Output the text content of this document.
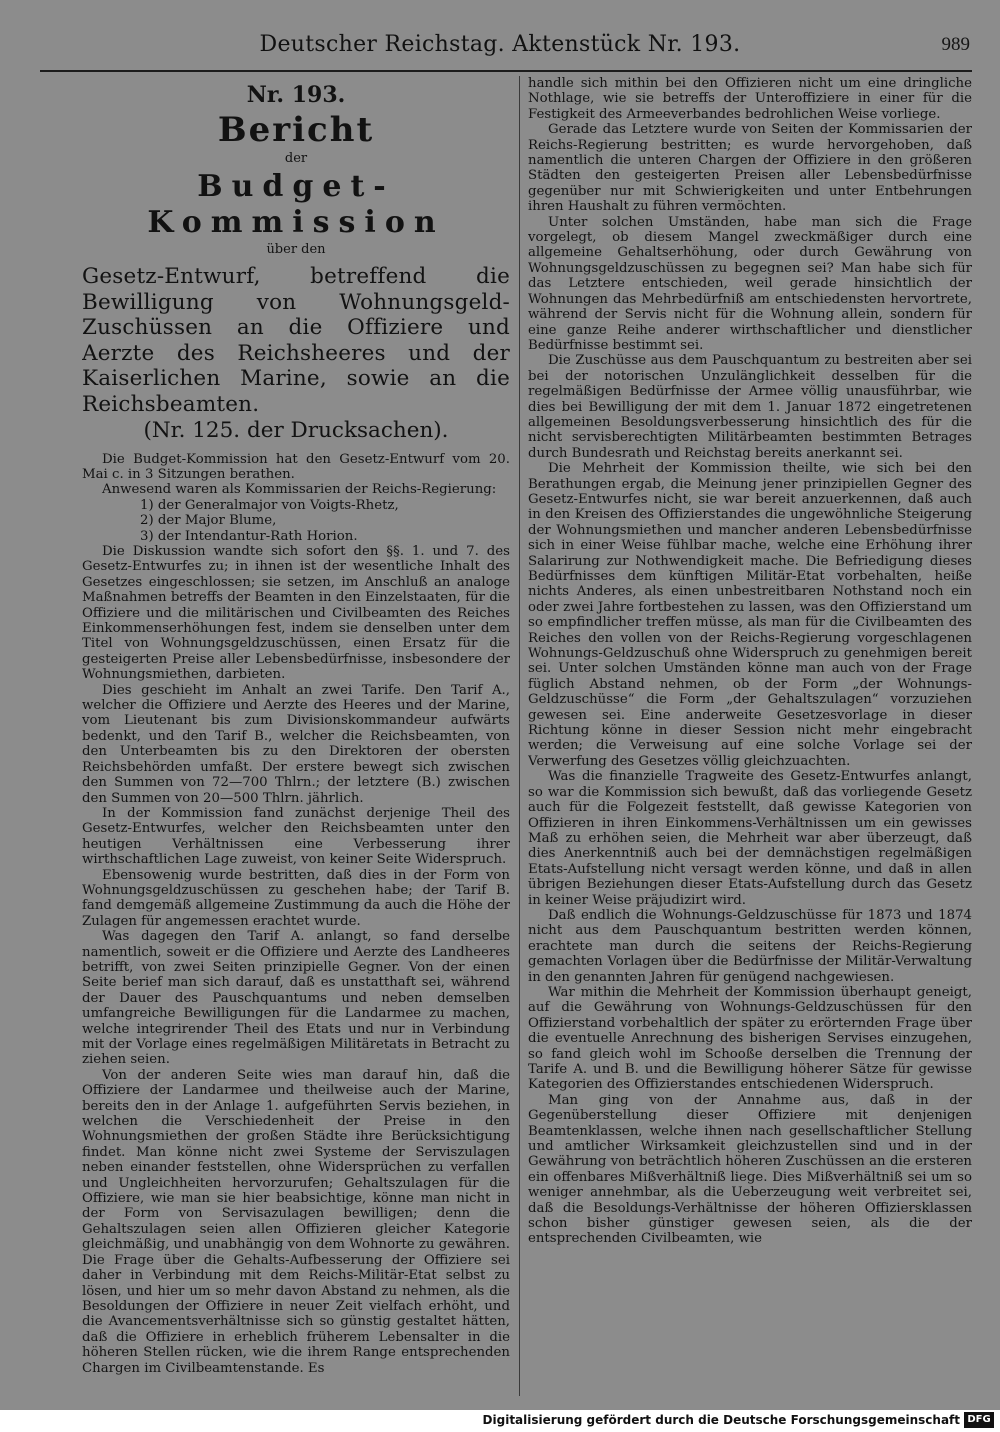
Deutscher Reichstag. Aktenstück Nr. 193.	989
Nr. 193.
Bericht
der
Budget-Kommission
über den
Gesetz-Entwurf, betreffend die Bewilligung von Wohnungsgeld-Zuschüssen an die Offiziere und Aerzte des Reichsheeres und der Kaiserlichen Marine, sowie an die Reichsbeamten.
(Nr. 125. der Drucksachen).

Die Budget-Kommission hat den Gesetz-Entwurf vom 20. Mai c. in 3 Sitzungen berathen.

Anwesend waren als Kommissarien der Reichs-Regierung:

1) der Generalmajor von Voigts-Rhetz,
2) der Major Blume,
3) der Intendantur-Rath Horion.

Die Diskussion wandte sich sofort den §§. 1. und 7. des Gesetz-Entwurfes zu; in ihnen ist der wesentliche Inhalt des Gesetzes eingeschlossen; sie setzen, im Anschluß an analoge Maßnahmen betreffs der Beamten in den Einzelstaaten, für die Offiziere und die militärischen und Civilbeamten des Reiches Einkommenserhöhungen fest, indem sie denselben unter dem Titel von Wohnungsgeldzuschüssen, einen Ersatz für die gesteigerten Preise aller Lebensbedürfnisse, insbesondere der Wohnungsmiethen, darbieten.

Dies geschieht im Anhalt an zwei Tarife. Den Tarif A., welcher die Offiziere und Aerzte des Heeres und der Marine, vom Lieutenant bis zum Divisionskommandeur aufwärts bedenkt, und den Tarif B., welcher die Reichsbeamten, von den Unterbeamten bis zu den Direktoren der obersten Reichsbehörden umfaßt. Der erstere bewegt sich zwischen den Summen von 72—700 Thlrn.; der letztere (B.) zwischen den Summen von 20—500 Thlrn. jährlich.

In der Kommission fand zunächst derjenige Theil des Gesetz-Entwurfes, welcher den Reichsbeamten unter den heutigen Verhältnissen eine Verbesserung ihrer wirthschaftlichen Lage zuweist, von keiner Seite Widerspruch.

Ebensowenig wurde bestritten, daß dies in der Form von Wohnungsgeldzuschüssen zu geschehen habe; der Tarif B. fand demgemäß allgemeine Zustimmung da auch die Höhe der Zulagen für angemessen erachtet wurde.

Was dagegen den Tarif A. anlangt, so fand derselbe namentlich, soweit er die Offiziere und Aerzte des Landheeres betrifft, von zwei Seiten prinzipielle Gegner. Von der einen Seite berief man sich darauf, daß es unstatthaft sei, während der Dauer des Pauschquantums und neben demselben umfangreiche Bewilligungen für die Landarmee zu machen, welche integrirender Theil des Etats und nur in Verbindung mit der Vorlage eines regelmäßigen Militäretats in Betracht zu ziehen seien.

Von der anderen Seite wies man darauf hin, daß die Offiziere der Landarmee und theilweise auch der Marine, bereits den in der Anlage 1. aufgeführten Servis beziehen, in welchen die Verschiedenheit der Preise in den Wohnungsmiethen der großen Städte ihre Berücksichtigung findet. Man könne nicht zwei Systeme der Serviszulagen neben einander feststellen, ohne Widersprüchen zu verfallen und Ungleichheiten hervorzurufen; Gehaltszulagen für die Offiziere, wie man sie hier beabsichtige, könne man nicht in der Form von Servisazulagen bewilligen; denn die Gehaltszulagen seien allen Offizieren gleicher Kategorie gleichmäßig, und unabhängig von dem Wohnorte zu gewähren. Die Frage über die Gehalts-Aufbesserung der Offiziere sei daher in Verbindung mit dem Reichs-Militär-Etat selbst zu lösen, und hier um so mehr davon Abstand zu nehmen, als die Besoldungen der Offiziere in neuer Zeit vielfach erhöht, und die Avancementsverhältnisse sich so günstig gestaltet hätten, daß die Offiziere in erheblich früherem Lebensalter in die höheren Stellen rücken, wie die ihrem Range entsprechenden Chargen im Civilbeamtenstande. Es

handle sich mithin bei den Offizieren nicht um eine dringliche Nothlage, wie sie betreffs der Unteroffiziere in einer für die Festigkeit des Armeeverbandes bedrohlichen Weise vorliege.

Gerade das Letztere wurde von Seiten der Kommissarien der Reichs-Regierung bestritten; es wurde hervorgehoben, daß namentlich die unteren Chargen der Offiziere in den größeren Städten den gesteigerten Preisen aller Lebensbedürfnisse gegenüber nur mit Schwierigkeiten und unter Entbehrungen ihren Haushalt zu führen vermöchten.

Unter solchen Umständen, habe man sich die Frage vorgelegt, ob diesem Mangel zweckmäßiger durch eine allgemeine Gehaltserhöhung, oder durch Gewährung von Wohnungsgeldzuschüssen zu begegnen sei? Man habe sich für das Letztere entschieden, weil gerade hinsichtlich der Wohnungen das Mehrbedürfniß am entschiedensten hervortrete, während der Servis nicht für die Wohnung allein, sondern für eine ganze Reihe anderer wirthschaftlicher und dienstlicher Bedürfnisse bestimmt sei.

Die Zuschüsse aus dem Pauschquantum zu bestreiten aber sei bei der notorischen Unzulänglichkeit desselben für die regelmäßigen Bedürfnisse der Armee völlig unausführbar, wie dies bei Bewilligung der mit dem 1. Januar 1872 eingetretenen allgemeinen Besoldungsverbesserung hinsichtlich des für die nicht servisberechtigten Militärbeamten bestimmten Betrages durch Bundesrath und Reichstag bereits anerkannt sei.

Die Mehrheit der Kommission theilte, wie sich bei den Berathungen ergab, die Meinung jener prinzipiellen Gegner des Gesetz-Entwurfes nicht, sie war bereit anzuerkennen, daß auch in den Kreisen des Offizierstandes die ungewöhnliche Steigerung der Wohnungsmiethen und mancher anderen Lebensbedürfnisse sich in einer Weise fühlbar mache, welche eine Erhöhung ihrer Salarirung zur Nothwendigkeit mache. Die Befriedigung dieses Bedürfnisses dem künftigen Militär-Etat vorbehalten, heiße nichts Anderes, als einen unbestreitbaren Nothstand noch ein oder zwei Jahre fortbestehen zu lassen, was den Offizierstand um so empfindlicher treffen müsse, als man für die Civilbeamten des Reiches den vollen von der Reichs-Regierung vorgeschlagenen Wohnungs-Geldzuschuß ohne Widerspruch zu genehmigen bereit sei. Unter solchen Umständen könne man auch von der Frage füglich Abstand nehmen, ob der Form „der Wohnungs-Geldzuschüsse“ die Form „der Gehaltszulagen“ vorzuziehen gewesen sei. Eine anderweite Gesetzesvorlage in dieser Richtung könne in dieser Session nicht mehr eingebracht werden; die Verweisung auf eine solche Vorlage sei der Verwerfung des Gesetzes völlig gleichzuachten.

Was die finanzielle Tragweite des Gesetz-Entwurfes anlangt, so war die Kommission sich bewußt, daß das vorliegende Gesetz auch für die Folgezeit feststellt, daß gewisse Kategorien von Offizieren in ihren Einkommens-Verhältnissen um ein gewisses Maß zu erhöhen seien, die Mehrheit war aber überzeugt, daß dies Anerkenntniß auch bei der demnächstigen regelmäßigen Etats-Aufstellung nicht versagt werden könne, und daß in allen übrigen Beziehungen dieser Etats-Aufstellung durch das Gesetz in keiner Weise präjudizirt wird.

Daß endlich die Wohnungs-Geldzuschüsse für 1873 und 1874 nicht aus dem Pauschquantum bestritten werden können, erachtete man durch die seitens der Reichs-Regierung gemachten Vorlagen über die Bedürfnisse der Militär-Verwaltung in den genannten Jahren für genügend nachgewiesen.

War mithin die Mehrheit der Kommission überhaupt geneigt, auf die Gewährung von Wohnungs-Geldzuschüssen für den Offizierstand vorbehaltlich der später zu erörternden Frage über die eventuelle Anrechnung des bisherigen Servises einzugehen, so fand gleich wohl im Schooße derselben die Trennung der Tarife A. und B. und die Bewilligung höherer Sätze für gewisse Kategorien des Offizierstandes entschiedenen Widerspruch.

Man ging von der Annahme aus, daß in der Gegenüberstellung dieser Offiziere mit denjenigen Beamtenklassen, welche ihnen nach gesellschaftlicher Stellung und amtlicher Wirksamkeit gleichzustellen sind und in der Gewährung von beträchtlich höheren Zuschüssen an die ersteren ein offenbares Mißverhältniß liege. Dies Mißverhältniß sei um so weniger annehmbar, als die Ueberzeugung weit verbreitet sei, daß die Besoldungs-Verhältnisse der höheren Offiziersklassen schon bisher günstiger gewesen seien, als die der entsprechenden Civilbeamten, wie

Digitalisierung gefördert durch die Deutsche Forschungsgemeinschaft DFG
